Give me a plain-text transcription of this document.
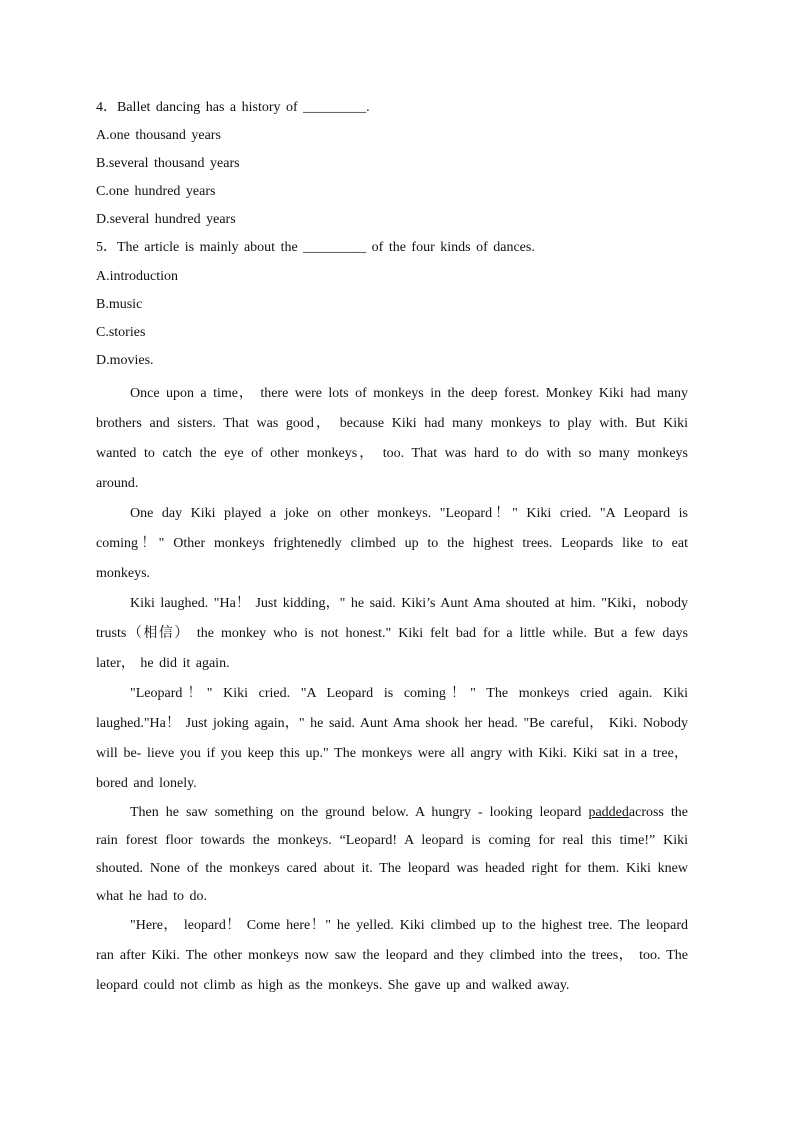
4．Ballet dancing has a history of _________.
A.one thousand years
B.several thousand years
C.one hundred years
D.several hundred years
5．The article is mainly about the _________ of the four kinds of dances.
A.introduction
B.music
C.stories
D.movies.

Once upon a time， there were lots of monkeys in the deep forest. Monkey Kiki had many brothers and sisters. That was good， because Kiki had many monkeys to play with. But Kiki wanted to catch the eye of other monkeys， too. That was hard to do with so many monkeys around.

One day Kiki played a joke on other monkeys. "Leopard！" Kiki cried. "A Leopard is coming！" Other monkeys frightenedly climbed up to the highest trees. Leopards like to eat monkeys.

Kiki laughed. "Ha！ Just kidding，" he said. Kiki’s Aunt Ama shouted at him. "Kiki，nobody trusts（相信） the monkey who is not honest." Kiki felt bad for a little while. But a few days later， he did it again.

"Leopard！" Kiki cried. "A Leopard is coming！" The monkeys cried again. Kiki laughed."Ha！ Just joking again，" he said. Aunt Ama shook her head. "Be careful， Kiki. Nobody will be- lieve you if you keep this up." The monkeys were all angry with Kiki. Kiki sat in a tree， bored and lonely.

Then he saw something on the ground below. A hungry - looking leopard paddedacross the rain forest floor towards the monkeys. “Leopard! A leopard is coming for real this time!” Kiki shouted. None of the monkeys cared about it. The leopard was headed right for them. Kiki knew what he had to do.

"Here， leopard！ Come here！" he yelled. Kiki climbed up to the highest tree. The leopard ran after Kiki. The other monkeys now saw the leopard and they climbed into the trees， too. The leopard could not climb as high as the monkeys. She gave up and walked away.
